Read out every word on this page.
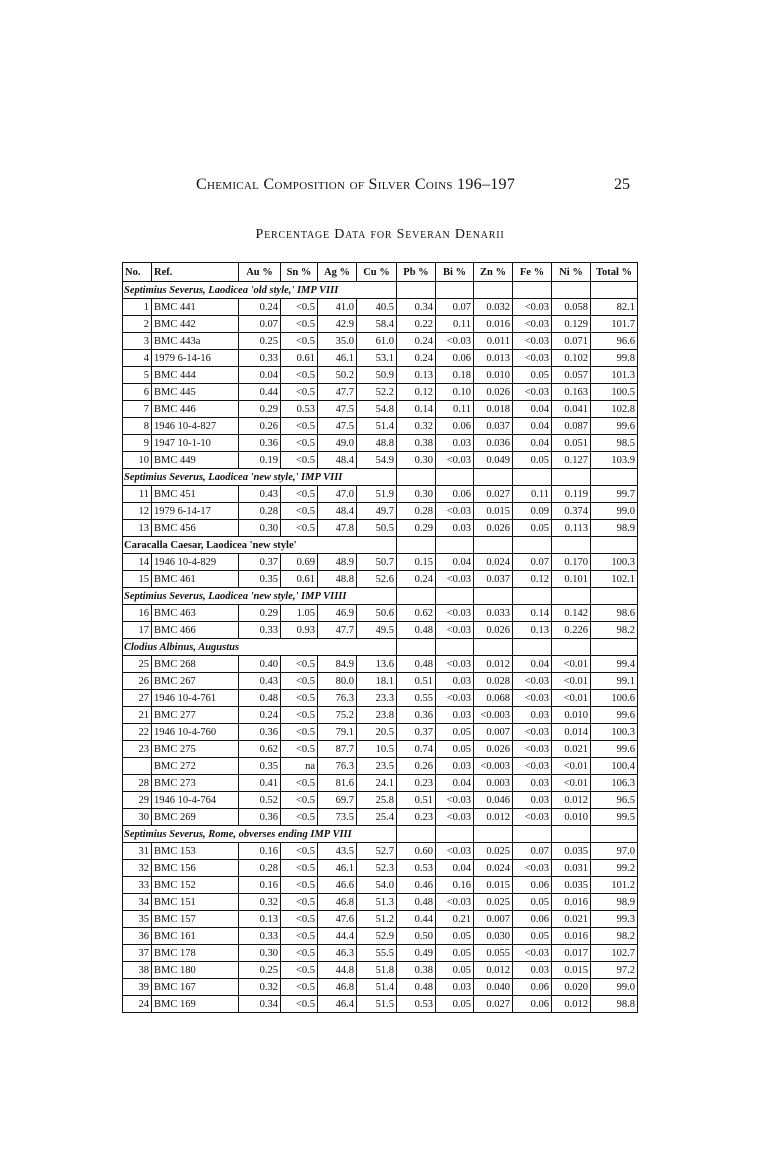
Chemical Composition of Silver Coins 196–197	25
Percentage Data for Severan Denarii
No.	Ref.	Au %	Sn %	Ag %	Cu %	Pb %	Bi %	Zn %	Fe %	Ni %	Total %
Septimius Severus, Laodicea 'old style,' IMP VIII											
1	BMC 441	0.24	<0.5	41.0	40.5	0.34	0.07	0.032	<0.03	0.058	82.1
2	BMC 442	0.07	<0.5	42.9	58.4	0.22	0.11	0.016	<0.03	0.129	101.7
3	BMC 443a	0.25	<0.5	35.0	61.0	0.24	<0.03	0.011	<0.03	0.071	96.6
4	1979 6-14-16	0.33	0.61	46.1	53.1	0.24	0.06	0.013	<0.03	0.102	99.8
5	BMC 444	0.04	<0.5	50.2	50.9	0.13	0.18	0.010	0.05	0.057	101.3
6	BMC 445	0.44	<0.5	47.7	52.2	0.12	0.10	0.026	<0.03	0.163	100.5
7	BMC 446	0.29	0.53	47.5	54.8	0.14	0.11	0.018	0.04	0.041	102.8
8	1946 10-4-827	0.26	<0.5	47.5	51.4	0.32	0.06	0.037	0.04	0.087	99.6
9	1947 10-1-10	0.36	<0.5	49.0	48.8	0.38	0.03	0.036	0.04	0.051	98.5
10	BMC 449	0.19	<0.5	48.4	54.9	0.30	<0.03	0.049	0.05	0.127	103.9
Septimius Severus, Laodicea 'new style,' IMP VIII											
11	BMC 451	0.43	<0.5	47.0	51.9	0.30	0.06	0.027	0.11	0.119	99.7
12	1979 6-14-17	0.28	<0.5	48.4	49.7	0.28	<0.03	0.015	0.09	0.374	99.0
13	BMC 456	0.30	<0.5	47.8	50.5	0.29	0.03	0.026	0.05	0.113	98.9
Caracalla Caesar, Laodicea 'new style'											
14	1946 10-4-829	0.37	0.69	48.9	50.7	0.15	0.04	0.024	0.07	0.170	100.3
15	BMC 461	0.35	0.61	48.8	52.6	0.24	<0.03	0.037	0.12	0.101	102.1
Septimius Severus, Laodicea 'new style,' IMP VIIII											
16	BMC 463	0.29	1.05	46.9	50.6	0.62	<0.03	0.033	0.14	0.142	98.6
17	BMC 466	0.33	0.93	47.7	49.5	0.48	<0.03	0.026	0.13	0.226	98.2
Clodius Albinus, Augustus											
25	BMC 268	0.40	<0.5	84.9	13.6	0.48	<0.03	0.012	0.04	<0.01	99.4
26	BMC 267	0.43	<0.5	80.0	18.1	0.51	0.03	0.028	<0.03	<0.01	99.1
27	1946 10-4-761	0.48	<0.5	76.3	23.3	0.55	<0.03	0.068	<0.03	<0.01	100.6
21	BMC 277	0.24	<0.5	75.2	23.8	0.36	0.03	<0.003	0.03	0.010	99.6
22	1946 10-4-760	0.36	<0.5	79.1	20.5	0.37	0.05	0.007	<0.03	0.014	100.3
23	BMC 275	0.62	<0.5	87.7	10.5	0.74	0.05	0.026	<0.03	0.021	99.6
	BMC 272	0.35	na	76.3	23.5	0.26	0.03	<0.003	<0.03	<0.01	100.4
28	BMC 273	0.41	<0.5	81.6	24.1	0.23	0.04	0.003	0.03	<0.01	106.3
29	1946 10-4-764	0.52	<0.5	69.7	25.8	0.51	<0.03	0.046	0.03	0.012	96.5
30	BMC 269	0.36	<0.5	73.5	25.4	0.23	<0.03	0.012	<0.03	0.010	99.5
Septimius Severus, Rome, obverses ending IMP VIII											
31	BMC 153	0.16	<0.5	43.5	52.7	0.60	<0.03	0.025	0.07	0.035	97.0
32	BMC 156	0.28	<0.5	46.1	52.3	0.53	0.04	0.024	<0.03	0.031	99.2
33	BMC 152	0.16	<0.5	46.6	54.0	0.46	0.16	0.015	0.06	0.035	101.2
34	BMC 151	0.32	<0.5	46.8	51.3	0.48	<0.03	0.025	0.05	0.016	98.9
35	BMC 157	0.13	<0.5	47.6	51.2	0.44	0.21	0.007	0.06	0.021	99.3
36	BMC 161	0.33	<0.5	44.4	52.9	0.50	0.05	0.030	0.05	0.016	98.2
37	BMC 178	0.30	<0.5	46.3	55.5	0.49	0.05	0.055	<0.03	0.017	102.7
38	BMC 180	0.25	<0.5	44.8	51.8	0.38	0.05	0.012	0.03	0.015	97.2
39	BMC 167	0.32	<0.5	46.8	51.4	0.48	0.03	0.040	0.06	0.020	99.0
24	BMC 169	0.34	<0.5	46.4	51.5	0.53	0.05	0.027	0.06	0.012	98.8
